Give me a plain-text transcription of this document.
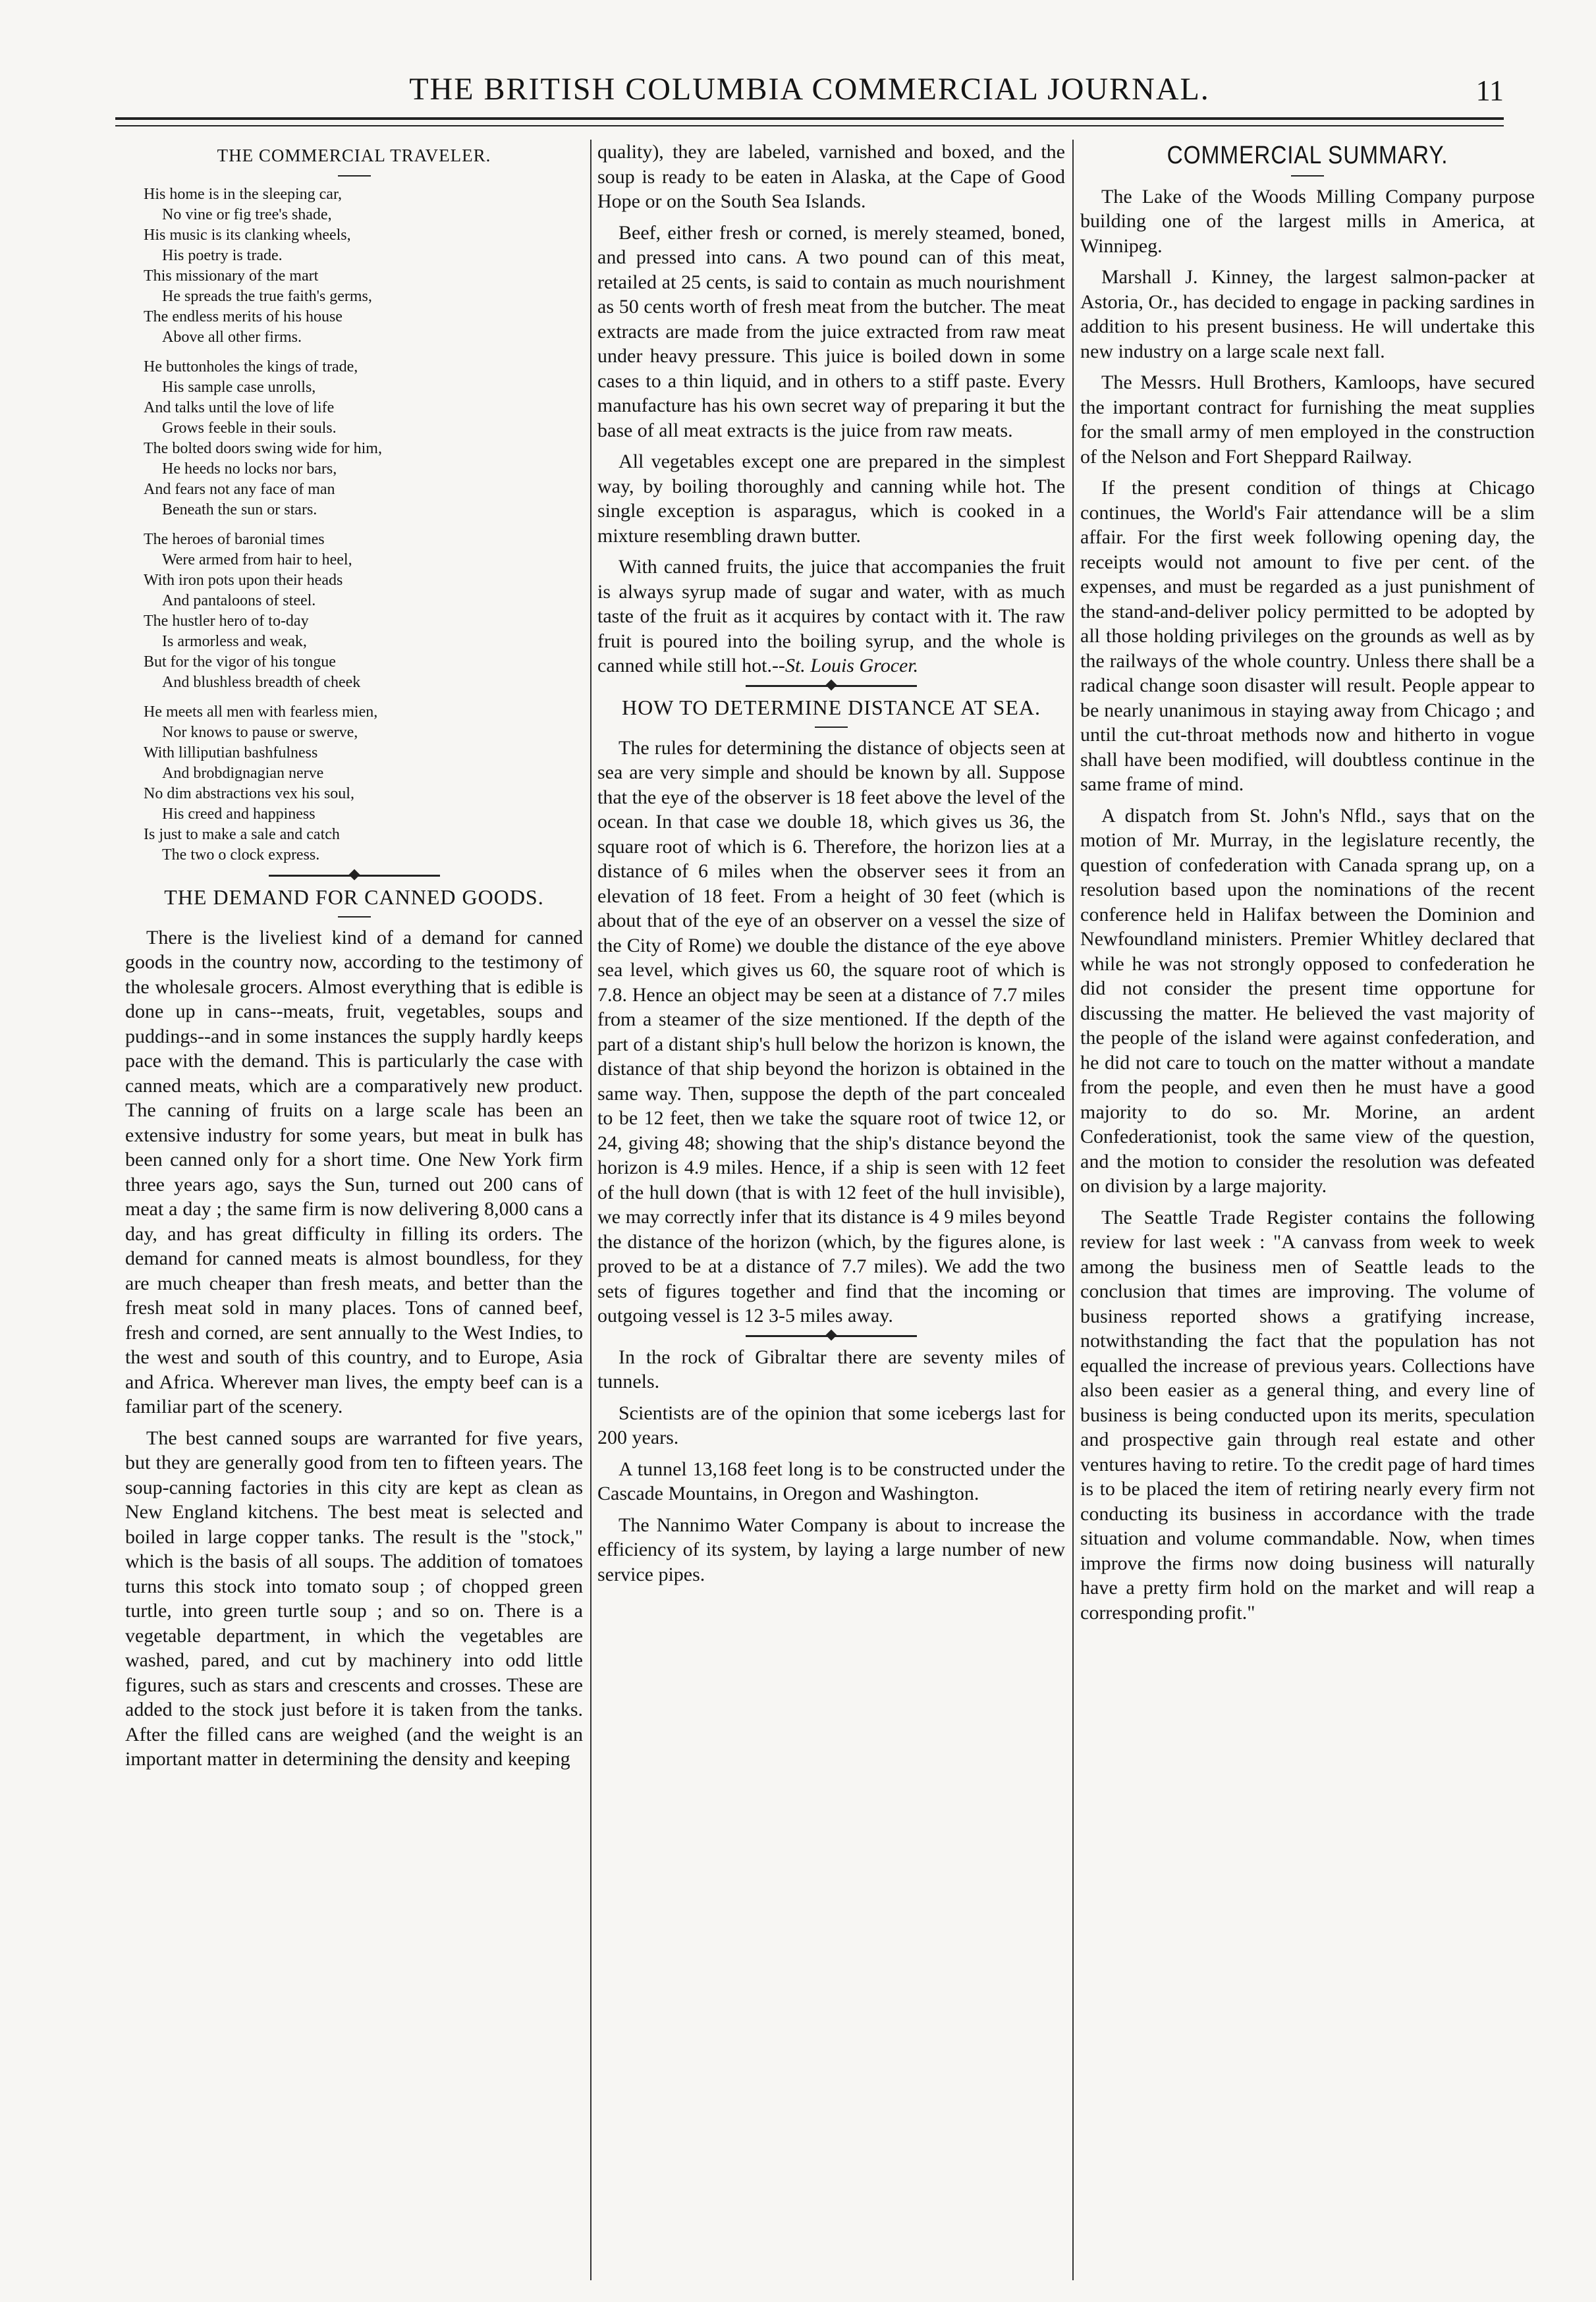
THE BRITISH COLUMBIA COMMERCIAL JOURNAL.	11
THE COMMERCIAL TRAVELER.
His home is in the sleeping car,
No vine or fig tree's shade,
His music is its clanking wheels,
His poetry is trade.
This missionary of the mart
He spreads the true faith's germs,
The endless merits of his house
Above all other firms.
He buttonholes the kings of trade,
His sample case unrolls,
And talks until the love of life
Grows feeble in their souls.
The bolted doors swing wide for him,
He heeds no locks nor bars,
And fears not any face of man
Beneath the sun or stars.
The heroes of baronial times
Were armed from hair to heel,
With iron pots upon their heads
And pantaloons of steel.
The hustler hero of to-day
Is armorless and weak,
But for the vigor of his tongue
And blushless breadth of cheek
He meets all men with fearless mien,
Nor knows to pause or swerve,
With lilliputian bashfulness
And brobdignagian nerve
No dim abstractions vex his soul,
His creed and happiness
Is just to make a sale and catch
The two o clock express.
THE DEMAND FOR CANNED GOODS.

There is the liveliest kind of a demand for canned goods in the country now, according to the testimony of the wholesale grocers. Almost everything that is edible is done up in cans--meats, fruit, vegetables, soups and puddings--and in some instances the supply hardly keeps pace with the demand. This is particularly the case with canned meats, which are a comparatively new product. The canning of fruits on a large scale has been an extensive industry for some years, but meat in bulk has been canned only for a short time. One New York firm three years ago, says the Sun, turned out 200 cans of meat a day ; the same firm is now delivering 8,000 cans a day, and has great difficulty in filling its orders. The demand for canned meats is almost boundless, for they are much cheaper than fresh meats, and better than the fresh meat sold in many places. Tons of canned beef, fresh and corned, are sent annually to the West Indies, to the west and south of this country, and to Europe, Asia and Africa. Wherever man lives, the empty beef can is a familiar part of the scenery.

The best canned soups are warranted for five years, but they are generally good from ten to fifteen years. The soup-canning factories in this city are kept as clean as New England kitchens. The best meat is selected and boiled in large copper tanks. The result is the "stock," which is the basis of all soups. The addition of tomatoes turns this stock into tomato soup ; of chopped green turtle, into green turtle soup ; and so on. There is a vegetable department, in which the vegetables are washed, pared, and cut by machinery into odd little figures, such as stars and crescents and crosses. These are added to the stock just before it is taken from the tanks. After the filled cans are weighed (and the weight is an important matter in determining the density and keeping

quality), they are labeled, varnished and boxed, and the soup is ready to be eaten in Alaska, at the Cape of Good Hope or on the South Sea Islands.

Beef, either fresh or corned, is merely steamed, boned, and pressed into cans. A two pound can of this meat, retailed at 25 cents, is said to contain as much nourishment as 50 cents worth of fresh meat from the butcher. The meat extracts are made from the juice extracted from raw meat under heavy pressure. This juice is boiled down in some cases to a thin liquid, and in others to a stiff paste. Every manufacture has his own secret way of preparing it but the base of all meat extracts is the juice from raw meats.

All vegetables except one are prepared in the simplest way, by boiling thoroughly and canning while hot. The single exception is asparagus, which is cooked in a mixture resembling drawn butter.

With canned fruits, the juice that accompanies the fruit is always syrup made of sugar and water, with as much taste of the fruit as it acquires by contact with it. The raw fruit is poured into the boiling syrup, and the whole is canned while still hot.--St. Louis Grocer.

HOW TO DETERMINE DISTANCE AT SEA.

The rules for determining the distance of objects seen at sea are very simple and should be known by all. Suppose that the eye of the observer is 18 feet above the level of the ocean. In that case we double 18, which gives us 36, the square root of which is 6. Therefore, the horizon lies at a distance of 6 miles when the observer sees it from an elevation of 18 feet. From a height of 30 feet (which is about that of the eye of an observer on a vessel the size of the City of Rome) we double the distance of the eye above sea level, which gives us 60, the square root of which is 7.8. Hence an object may be seen at a distance of 7.7 miles from a steamer of the size mentioned. If the depth of the part of a distant ship's hull below the horizon is known, the distance of that ship beyond the horizon is obtained in the same way. Then, suppose the depth of the part concealed to be 12 feet, then we take the square root of twice 12, or 24, giving 48; showing that the ship's distance beyond the horizon is 4.9 miles. Hence, if a ship is seen with 12 feet of the hull down (that is with 12 feet of the hull invisible), we may correctly infer that its distance is 4 9 miles beyond the distance of the horizon (which, by the figures alone, is proved to be at a distance of 7.7 miles). We add the two sets of figures together and find that the incoming or outgoing vessel is 12 3-5 miles away.

In the rock of Gibraltar there are seventy miles of tunnels.

Scientists are of the opinion that some icebergs last for 200 years.

A tunnel 13,168 feet long is to be constructed under the Cascade Mountains, in Oregon and Washington.

The Nannimo Water Company is about to increase the efficiency of its system, by laying a large number of new service pipes.

COMMERCIAL SUMMARY.

The Lake of the Woods Milling Company purpose building one of the largest mills in America, at Winnipeg.

Marshall J. Kinney, the largest salmon-packer at Astoria, Or., has decided to engage in packing sardines in addition to his present business. He will undertake this new industry on a large scale next fall.

The Messrs. Hull Brothers, Kamloops, have secured the important contract for furnishing the meat supplies for the small army of men employed in the construction of the Nelson and Fort Sheppard Railway.

If the present condition of things at Chicago continues, the World's Fair attendance will be a slim affair. For the first week following opening day, the receipts would not amount to five per cent. of the expenses, and must be regarded as a just punishment of the stand-and-deliver policy permitted to be adopted by all those holding privileges on the grounds as well as by the railways of the whole country. Unless there shall be a radical change soon disaster will result. People appear to be nearly unanimous in staying away from Chicago ; and until the cut-throat methods now and hitherto in vogue shall have been modified, will doubtless continue in the same frame of mind.

A dispatch from St. John's Nfld., says that on the motion of Mr. Murray, in the legislature recently, the question of confederation with Canada sprang up, on a resolution based upon the nominations of the recent conference held in Halifax between the Dominion and Newfoundland ministers. Premier Whitley declared that while he was not strongly opposed to confederation he did not consider the present time opportune for discussing the matter. He believed the vast majority of the people of the island were against confederation, and he did not care to touch on the matter without a mandate from the people, and even then he must have a good majority to do so. Mr. Morine, an ardent Confederationist, took the same view of the question, and the motion to consider the resolution was defeated on division by a large majority.

The Seattle Trade Register contains the following review for last week : "A canvass from week to week among the business men of Seattle leads to the conclusion that times are improving. The volume of business reported shows a gratifying increase, notwithstanding the fact that the population has not equalled the increase of previous years. Collections have also been easier as a general thing, and every line of business is being conducted upon its merits, speculation and prospective gain through real estate and other ventures having to retire. To the credit page of hard times is to be placed the item of retiring nearly every firm not conducting its business in accordance with the trade situation and volume commandable. Now, when times improve the firms now doing business will naturally have a pretty firm hold on the market and will reap a corresponding profit."
